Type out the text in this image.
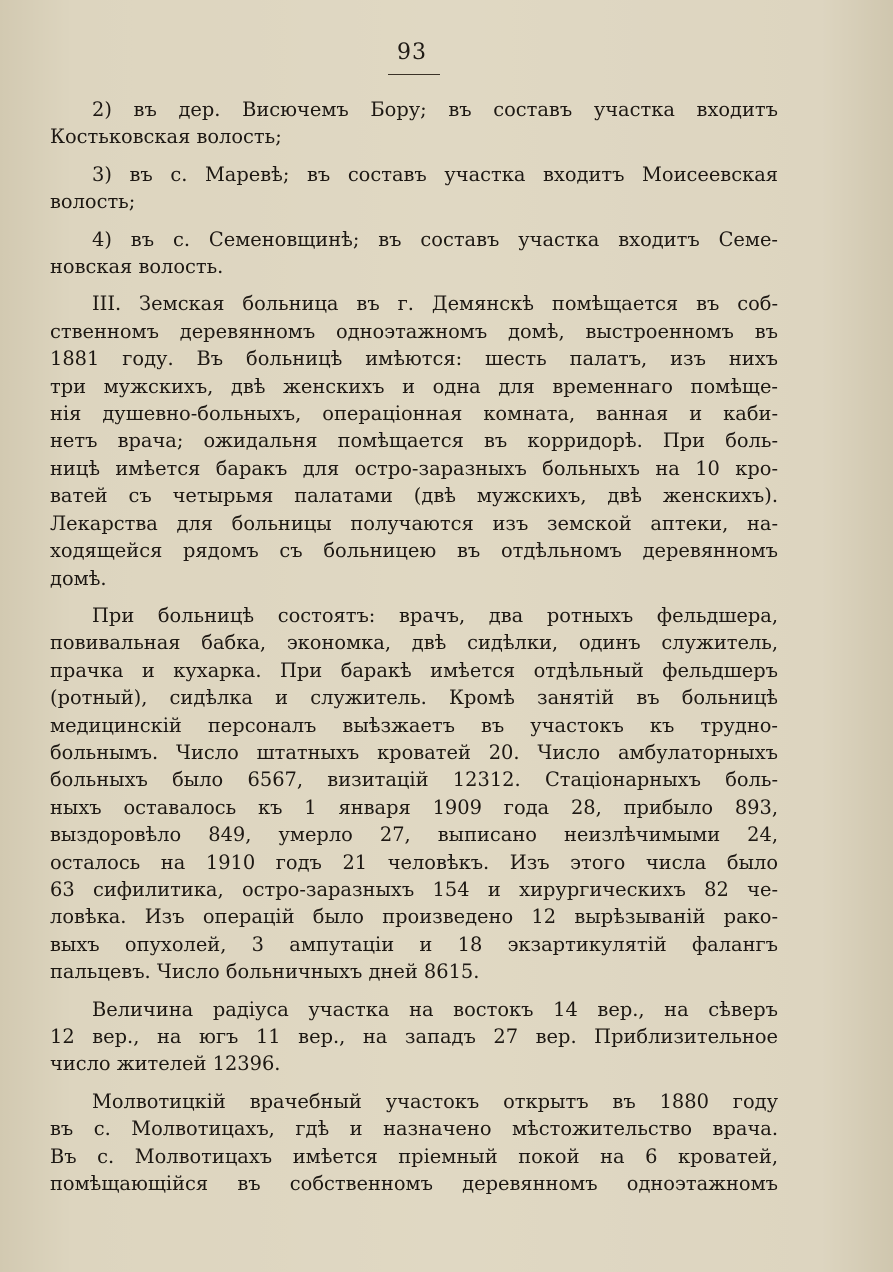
93
2) въ дер. Висючемъ Бору; въ составъ участка входитъ
Костьковская волость;
3) въ с. Маревѣ; въ составъ участка входитъ Моисеевская
волость;
4) въ с. Семеновщинѣ; въ составъ участка входитъ Семе-
новская волость.
III. Земская больница въ г. Демянскѣ помѣщается въ соб-
ственномъ деревянномъ одноэтажномъ домѣ, выстроенномъ въ
1881 году. Въ больницѣ имѣются: шесть палатъ, изъ нихъ
три мужскихъ, двѣ женскихъ и одна для временнаго помѣще-
нія душевно-больныхъ, операціонная комната, ванная и каби-
нетъ врача; ожидальня помѣщается въ корридорѣ. При боль-
ницѣ имѣется баракъ для остро-заразныхъ больныхъ на 10 кро-
ватей съ четырьмя палатами (двѣ мужскихъ, двѣ женскихъ).
Лекарства для больницы получаются изъ земской аптеки, на-
ходящейся рядомъ съ больницею въ отдѣльномъ деревянномъ
домѣ.
При больницѣ состоятъ: врачъ, два ротныхъ фельдшера,
повивальная бабка, экономка, двѣ сидѣлки, одинъ служитель,
прачка и кухарка. При баракѣ имѣется отдѣльный фельдшеръ
(ротный), сидѣлка и служитель. Кромѣ занятій въ больницѣ
медицинскій персоналъ выѣзжаетъ въ участокъ къ трудно-
больнымъ. Число штатныхъ кроватей 20. Число амбулаторныхъ
больныхъ было 6567, визитацій 12312. Стаціонарныхъ боль-
ныхъ оставалось къ 1 января 1909 года 28, прибыло 893,
выздоровѣло 849, умерло 27, выписано неизлѣчимыми 24,
осталось на 1910 годъ 21 человѣкъ. Изъ этого числа было
63 сифилитика, остро-заразныхъ 154 и хирургическихъ 82 че-
ловѣка. Изъ операцій было произведено 12 вырѣзываній рако-
выхъ опухолей, 3 ампутаціи и 18 экзартикулятій фалангъ
пальцевъ. Число больничныхъ дней 8615.
Величина радіуса участка на востокъ 14 вер., на сѣверъ
12 вер., на югъ 11 вер., на западъ 27 вер. Приблизительное
число жителей 12396.
Молвотицкій врачебный участокъ открытъ въ 1880 году
въ с. Молвотицахъ, гдѣ и назначено мѣстожительство врача.
Въ с. Молвотицахъ имѣется пріемный покой на 6 кроватей,
помѣщающійся въ собственномъ деревянномъ одноэтажномъ
